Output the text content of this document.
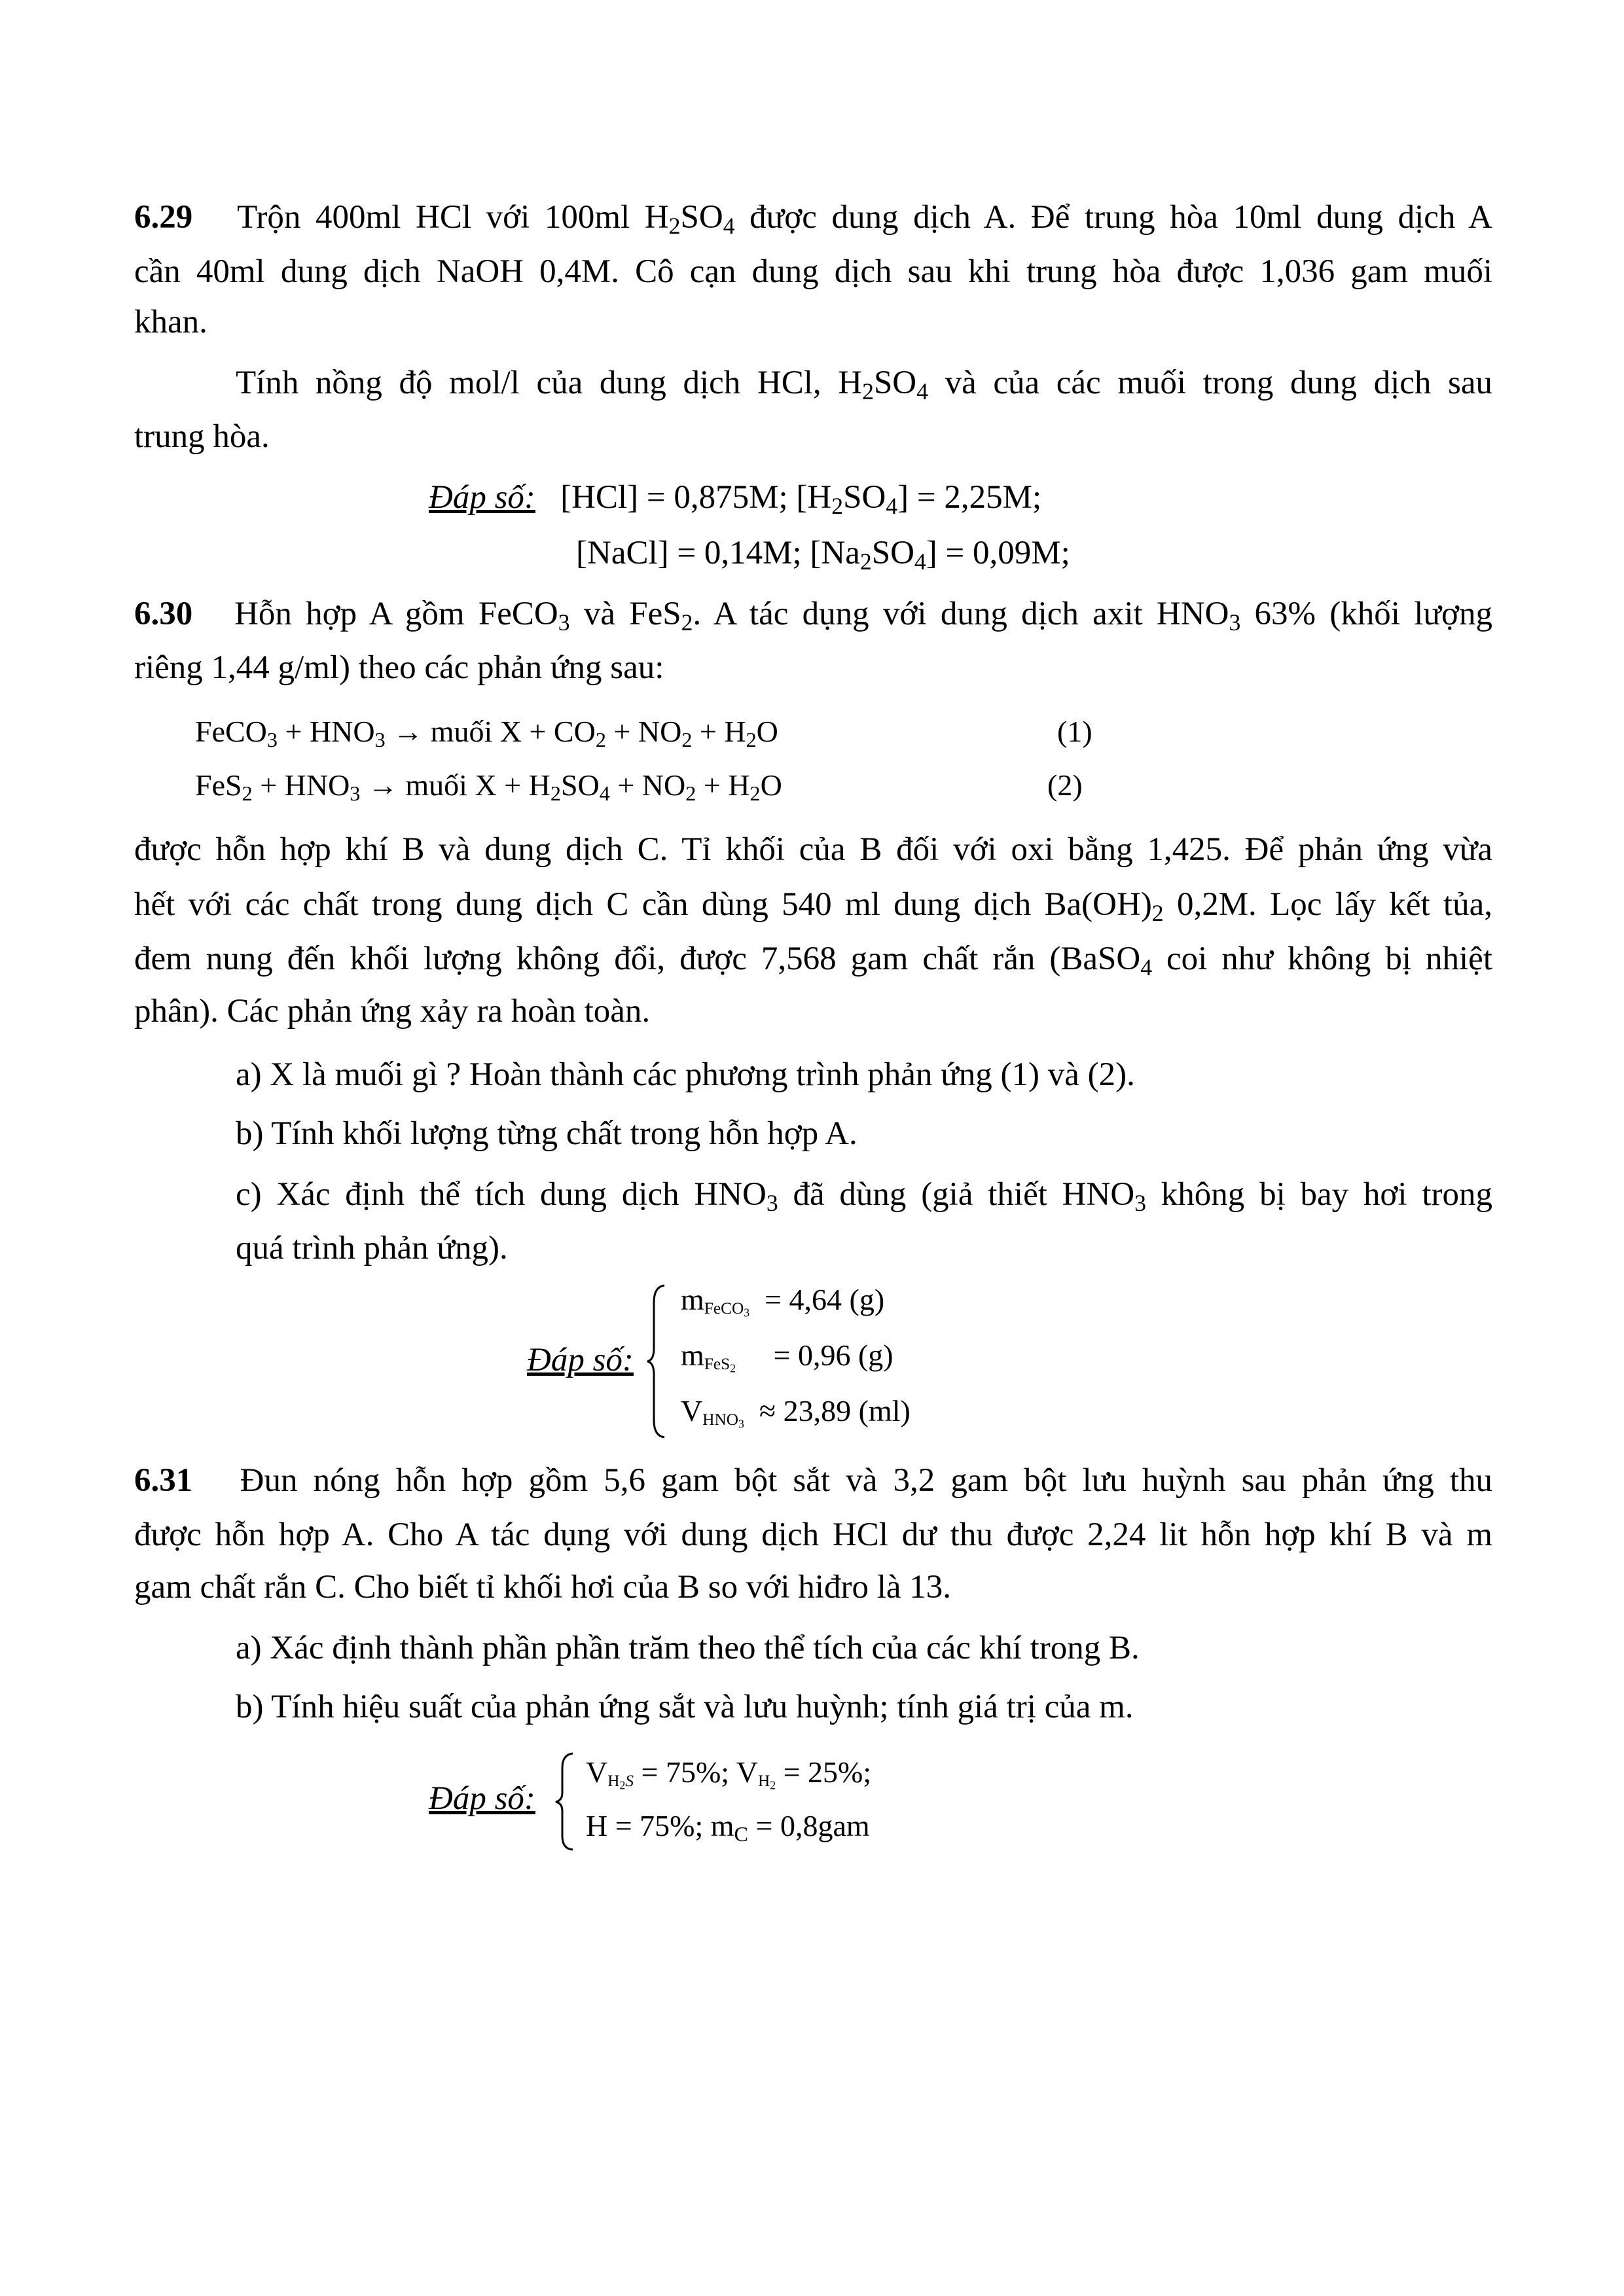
6.29 Trộn 400ml HCl với 100ml $H_2SO_4$ được dung dịch A. Để trung hòa 10ml dung dịch A
cần 40ml dung dịch NaOH 0,4M. Cô cạn dung dịch sau khi trung hòa được 1,036 gam muối
khan.
Tính nồng độ mol/l của dung dịch HCl, $H_2SO_4$ và của các muối trong dung dịch sau
trung hòa.
Đáp số: [HCl] = 0,875M; $[H_2SO_4] = 2,25M$;
[NaCl] = 0,14M; $[Na_2SO_4] = 0,09M$;
6.30 Hỗn hợp A gồm FeCO$_3$ và FeS$_2$. A tác dụng với dung dịch axit $HNO_3$ 63% (khối lượng
riêng 1,44 g/ml) theo các phản ứng sau:
FeCO$_3$ + $HNO_3$ → muối $X + CO_2 + NO_2 + H_2O$	(1)
$FeS_2 + HNO_3$ → muối $X + H_2SO_4 + NO_2 + H_2O$	(2)
được hỗn hợp khí B và dung dịch C. Tỉ khối của B đối với oxi bằng 1,425. Để phản ứng vừa
hết với các chất trong dung dịch C cần dùng 540 ml dung dịch $Ba(OH)_2$ 0,2M. Lọc lấy kết tủa,
đem nung đến khối lượng không đổi, được 7,568 gam chất rắn (BaSO$_4$ coi như không bị nhiệt
phân). Các phản ứng xảy ra hoàn toàn.
a) X là muối gì ? Hoàn thành các phương trình phản ứng (1) và (2).
b) Tính khối lượng từng chất trong hỗn hợp A.
c) Xác định thể tích dung dịch $HNO_3$ đã dùng (giả thiết $HNO_3$ không bị bay hơi trong
quá trình phản ứng).
Đáp số:
$m_{FeCO_3} = 4,64$ (g)
$m_{FeS_2} = 0,96$ (g)
$V_{HNO_3} \approx 23,89$ (ml)
6.31 Đun nóng hỗn hợp gồm 5,6 gam bột sắt và 3,2 gam bột lưu huỳnh sau phản ứng thu
được hỗn hợp A. Cho A tác dụng với dung dịch HCl dư thu được 2,24 lit hỗn hợp khí B và m
gam chất rắn C. Cho biết tỉ khối hơi của B so với hiđro là 13.
a) Xác định thành phần phần trăm theo thể tích của các khí trong B.
b) Tính hiệu suất của phản ứng sắt và lưu huỳnh; tính giá trị của m.
Đáp số:
$V_{H_2S} = 75\%$; $V_{H_2} = 25\%$;
H = 75%; $m_C = 0,8gam$
